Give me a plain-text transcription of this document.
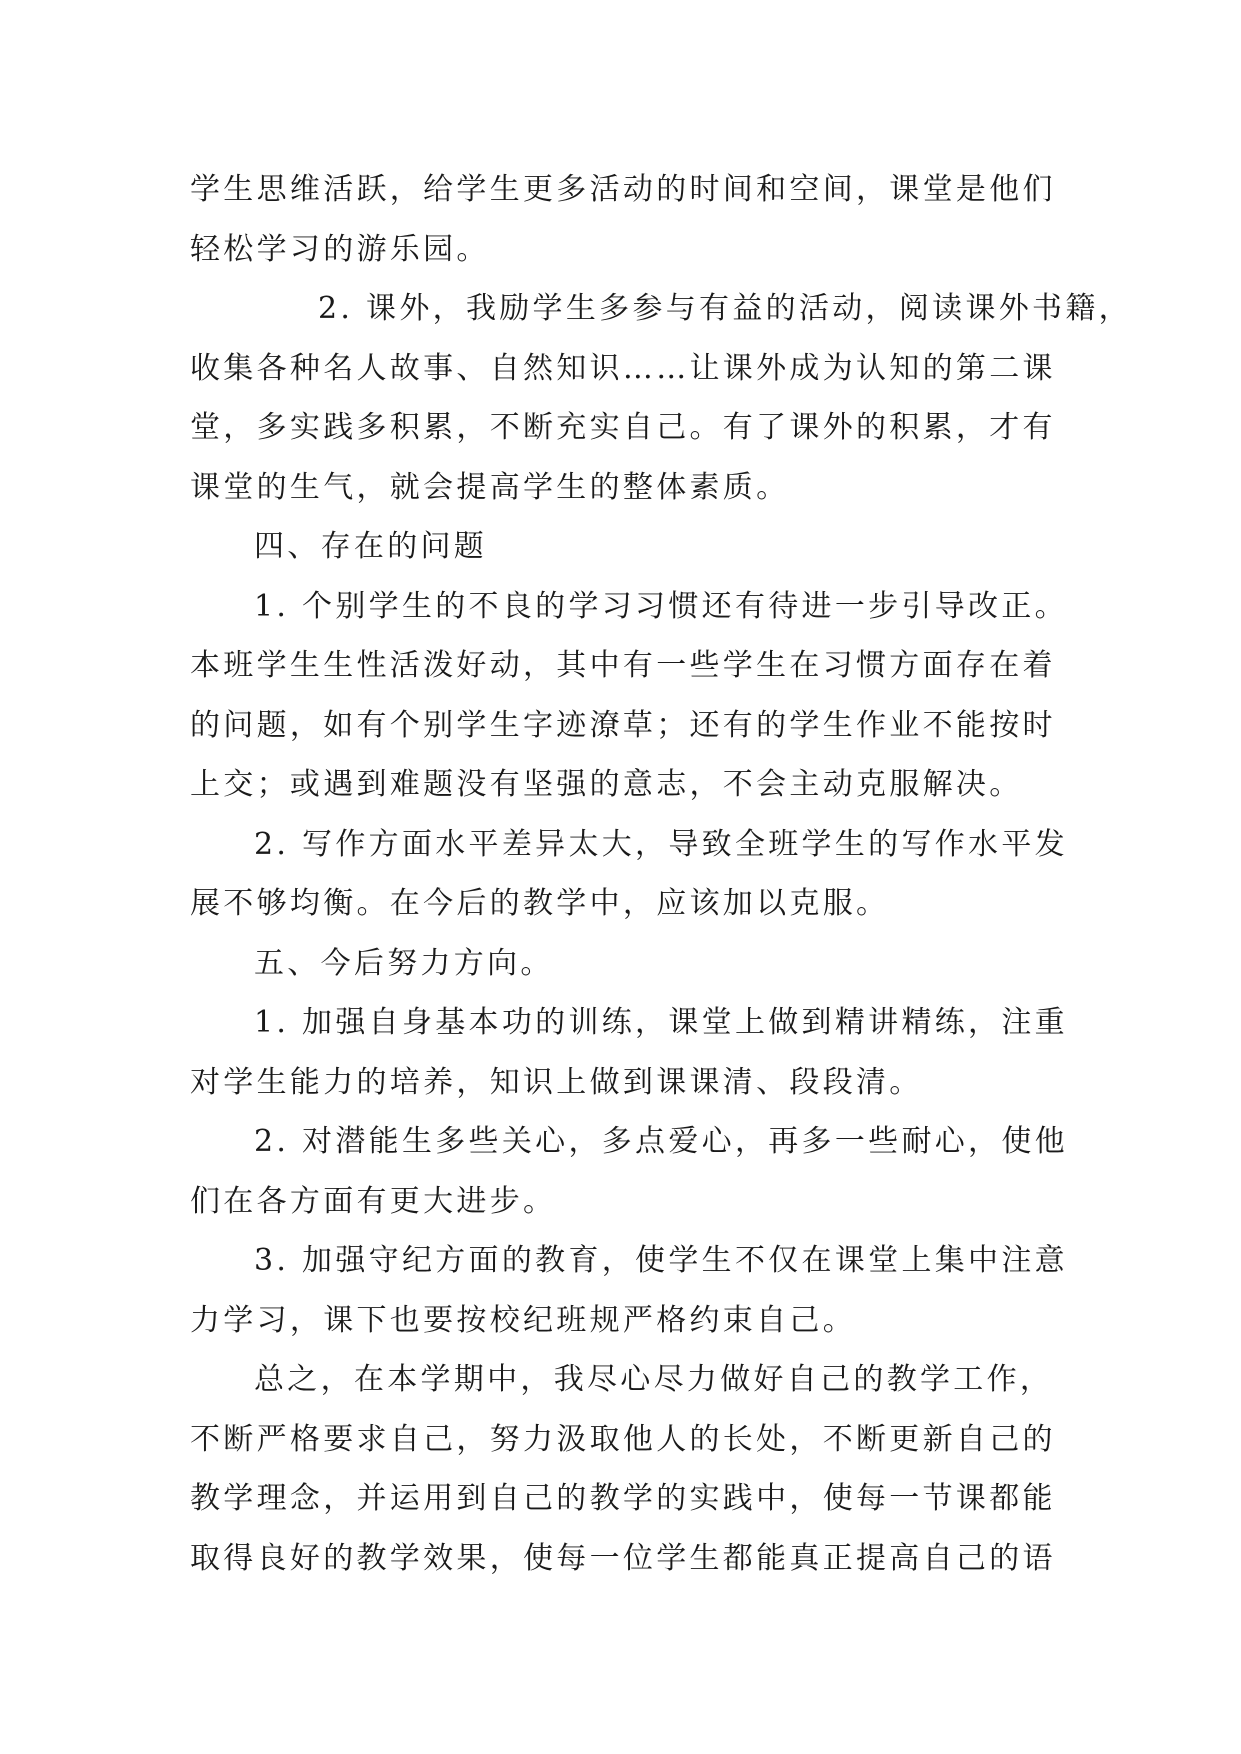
学生思维活跃，给学生更多活动的时间和空间，课堂是他们
轻松学习的游乐园。

2. 课外，我励学生多参与有益的活动，阅读课外书籍，
收集各种名人故事、自然知识……让课外成为认知的第二课
堂，多实践多积累，不断充实自己。有了课外的积累，才有
课堂的生气，就会提高学生的整体素质。

四、存在的问题

1. 个别学生的不良的学习习惯还有待进一步引导改正。
本班学生生性活泼好动，其中有一些学生在习惯方面存在着
的问题，如有个别学生字迹潦草；还有的学生作业不能按时
上交；或遇到难题没有坚强的意志，不会主动克服解决。

2. 写作方面水平差异太大，导致全班学生的写作水平发
展不够均衡。在今后的教学中，应该加以克服。

五、今后努力方向。

1. 加强自身基本功的训练，课堂上做到精讲精练，注重
对学生能力的培养，知识上做到课课清、段段清。

2. 对潜能生多些关心，多点爱心，再多一些耐心，使他
们在各方面有更大进步。

3. 加强守纪方面的教育，使学生不仅在课堂上集中注意
力学习，课下也要按校纪班规严格约束自己。

总之，在本学期中，我尽心尽力做好自己的教学工作，
不断严格要求自己，努力汲取他人的长处，不断更新自己的
教学理念，并运用到自己的教学的实践中，使每一节课都能
取得良好的教学效果，使每一位学生都能真正提高自己的语
